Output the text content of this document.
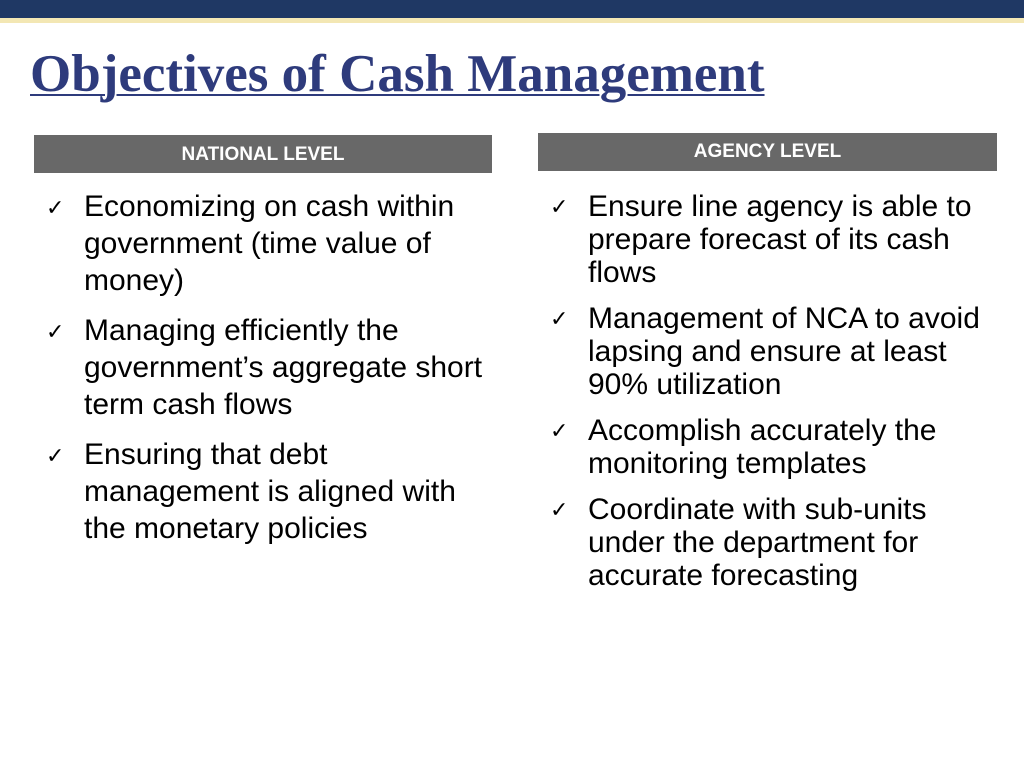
Objectives of Cash Management
NATIONAL LEVEL	AGENCY LEVEL
✓ Economizing on cash within government (time value of money)
✓ Managing efficiently the government’s aggregate short term cash flows
✓ Ensuring that debt management is aligned with the monetary policies
✓ Ensure line agency is able to prepare forecast of its cash flows
✓ Management of NCA to avoid lapsing and ensure at least 90% utilization
✓ Accomplish accurately the monitoring templates
✓ Coordinate with sub-units under the department for accurate forecasting
